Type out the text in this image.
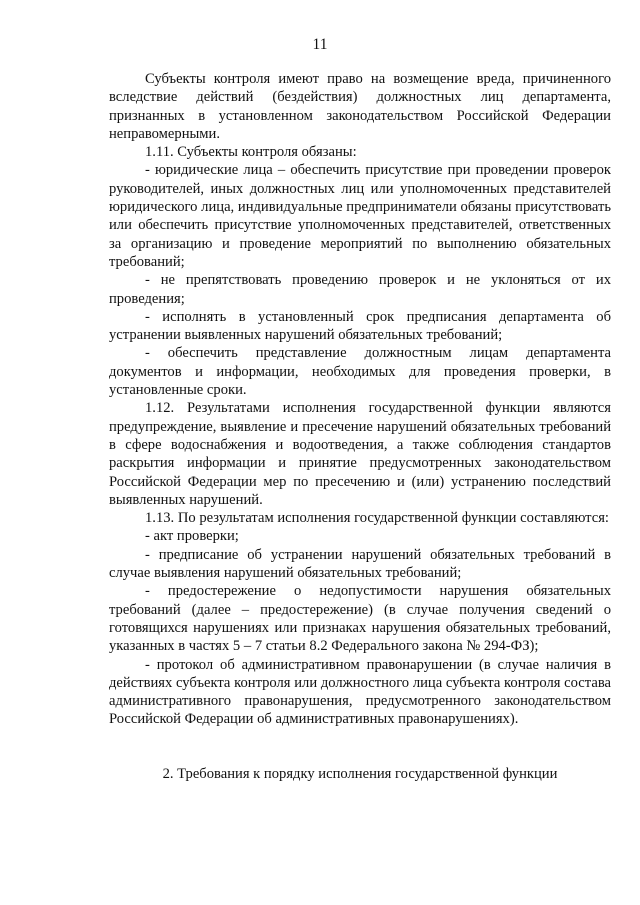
11

Субъекты контроля имеют право на возмещение вреда, причиненного вследствие действий (бездействия) должностных лиц департамента, признанных в установленном законодательством Российской Федерации неправомерными.

1.11. Субъекты контроля обязаны:

- юридические лица – обеспечить присутствие при проведении проверок руководителей, иных должностных лиц или уполномоченных представителей юридического лица, индивидуальные предприниматели обязаны присутствовать или обеспечить присутствие уполномоченных представителей, ответственных за организацию и проведение мероприятий по выполнению обязательных требований;

- не препятствовать проведению проверок и не уклоняться от их проведения;

- исполнять в установленный срок предписания департамента об устранении выявленных нарушений обязательных требований;

- обеспечить представление должностным лицам департамента документов и информации, необходимых для проведения проверки, в установленные сроки.

1.12. Результатами исполнения государственной функции являются предупреждение, выявление и пресечение нарушений обязательных требований в сфере водоснабжения и водоотведения, а также соблюдения стандартов раскрытия информации и принятие предусмотренных законодательством Российской Федерации мер по пресечению и (или) устранению последствий выявленных нарушений.

1.13. По результатам исполнения государственной функции составляются:

- акт проверки;

- предписание об устранении нарушений обязательных требований в случае выявления нарушений обязательных требований;

- предостережение о недопустимости нарушения обязательных требований (далее – предостережение) (в случае получения сведений о готовящихся нарушениях или признаках нарушения обязательных требований, указанных в частях 5 – 7 статьи 8.2 Федерального закона № 294-ФЗ);

- протокол об административном правонарушении (в случае наличия в действиях субъекта контроля или должностного лица субъекта контроля состава административного правонарушения, предусмотренного законодательством Российской Федерации об административных правонарушениях).

2. Требования к порядку исполнения государственной функции
